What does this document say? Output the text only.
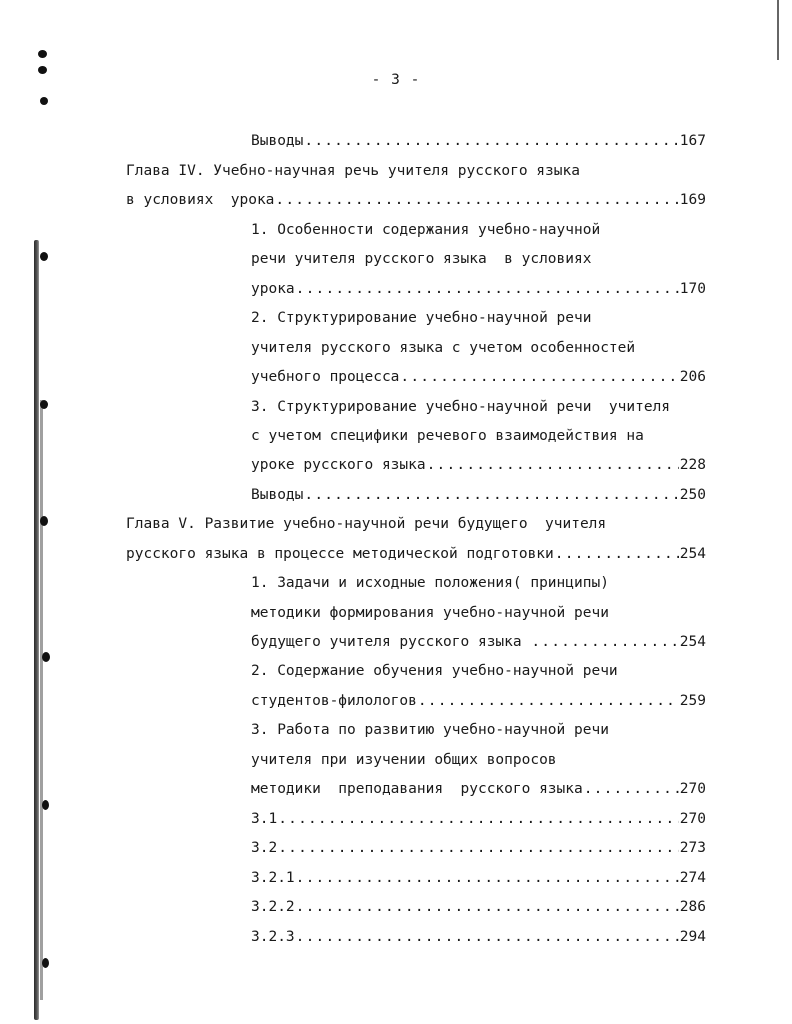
- 3 -
Выводы .....	167
Глава IV. Учебно-научная речь учителя русского языка
в условиях  урока .....	169
1. Особенности содержания учебно-научной
речи учителя русского языка  в условиях
урока .....	170
2. Структурирование учебно-научной речи
учителя русского языка с учетом особенностей
учебного процесса .....	206
3. Структурирование учебно-научной речи  учителя
с учетом специфики речевого взаимодействия на
уроке русского языка .....	228
Выводы .....	250
Глава V. Развитие учебно-научной речи будущего  учителя
русского языка в процессе методической подготовки .....	254
1. Задачи и исходные положения( принципы)
методики формирования учебно-научной речи
будущего учителя русского языка .....	254
2. Содержание обучения учебно-научной речи
студентов-филологов .....	259
3. Работа по развитию учебно-научной речи
учителя при изучении общих вопросов
методики  преподавания  русского языка .....	270
3.1 .....	270
3.2 .....	273
3.2.1 .....	274
3.2.2 .....	286
3.2.3 .....	294
